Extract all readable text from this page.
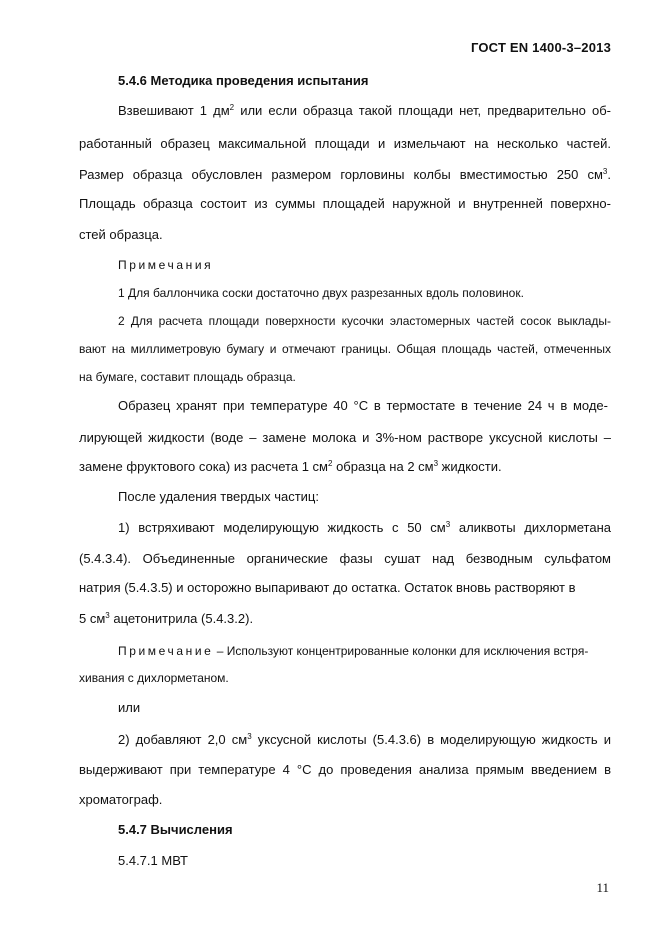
ГОСТ EN 1400-3–2013
5.4.6 Методика проведения испытания
Взвешивают 1 $дм^2$ или если образца такой площади нет, предварительно об-
работанный образец максимальной площади и измельчают на несколько частей.
Размер образца обусловлен размером горловины колбы вместимостью 250 $см^3$.
Площадь образца состоит из суммы площадей наружной и внутренней поверхно-
стей образца.
Примечания
1 Для баллончика соски достаточно двух разрезанных вдоль половинок.
2 Для расчета площади поверхности кусочки эластомерных частей сосок выклады-
вают на миллиметровую бумагу и отмечают границы. Общая площадь частей, отмеченных
на бумаге, составит площадь образца.
Образец хранят при температуре 40 °С в термостате в течение 24 ч в моде-
лирующей жидкости (воде – замене молока и 3%-ном растворе уксусной кислоты –
замене фруктового сока) из расчета 1 $см^2$ образца на 2 $см^3$ жидкости.
После удаления твердых частиц:
1) встряхивают моделирующую жидкость с 50 $см^3$ аликвоты дихлорметана
(5.4.3.4). Объединенные органические фазы сушат над безводным сульфатом
натрия (5.4.3.5) и осторожно выпаривают до остатка. Остаток вновь растворяют в
5 $см^3$ ацетонитрила (5.4.3.2).
Примечание – Используют концентрированные колонки для исключения встря-
хивания с дихлорметаном.
или
2) добавляют 2,0 $см^3$ уксусной кислоты (5.4.3.6) в моделирующую жидкость и
выдерживают при температуре 4 °С до проведения анализа прямым введением в
хроматограф.
5.4.7 Вычисления
5.4.7.1 МВТ
11
